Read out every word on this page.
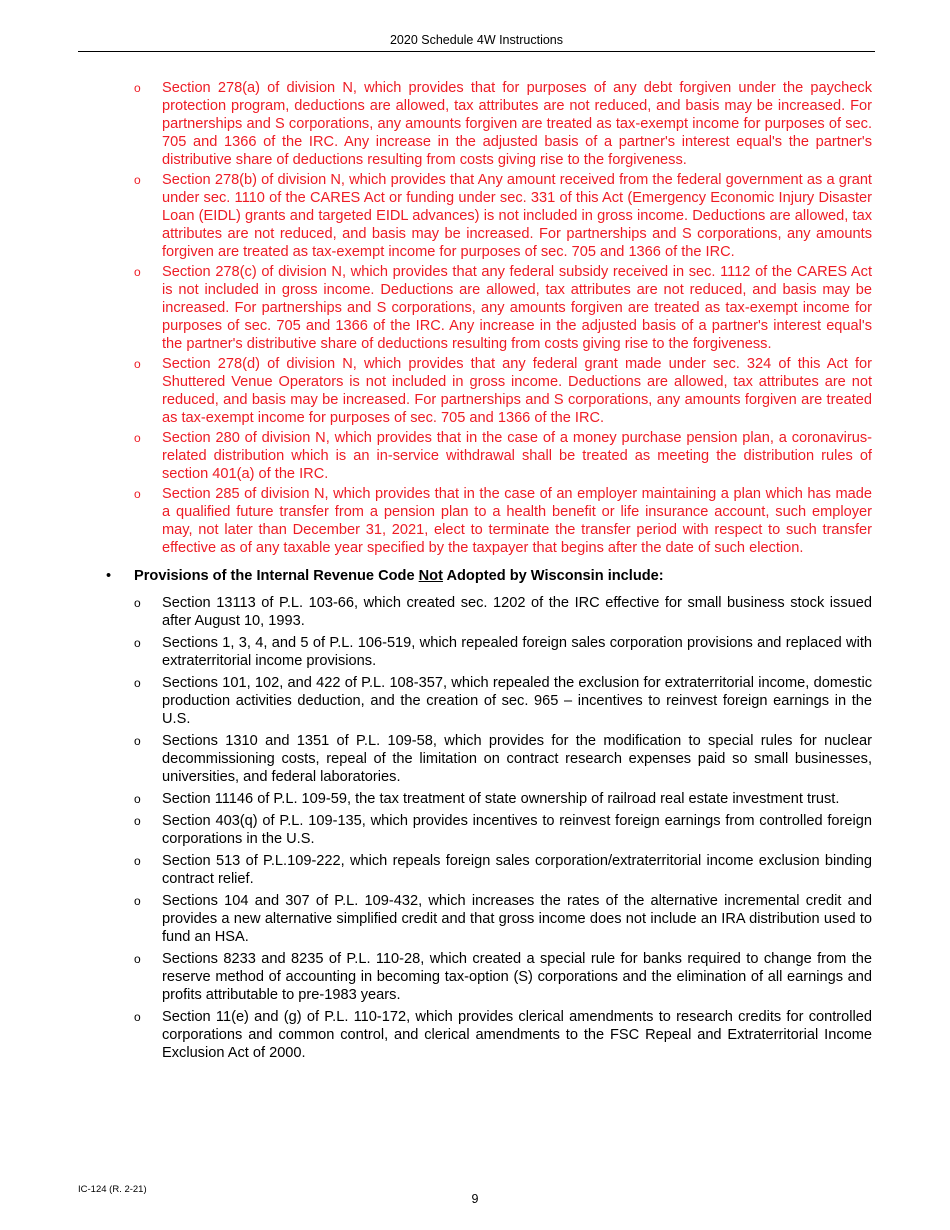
2020 Schedule 4W Instructions
o Section 278(a) of division N, which provides that for purposes of any debt forgiven under the paycheck protection program, deductions are allowed, tax attributes are not reduced, and basis may be increased. For partnerships and S corporations, any amounts forgiven are treated as tax-exempt income for purposes of sec. 705 and 1366 of the IRC. Any increase in the adjusted basis of a partner's interest equal's the partner's distributive share of deductions resulting from costs giving rise to the forgiveness.
o Section 278(b) of division N, which provides that Any amount received from the federal government as a grant under sec. 1110 of the CARES Act or funding under sec. 331 of this Act (Emergency Economic Injury Disaster Loan (EIDL) grants and targeted EIDL advances) is not included in gross income. Deductions are allowed, tax attributes are not reduced, and basis may be increased. For partnerships and S corporations, any amounts forgiven are treated as tax-exempt income for purposes of sec. 705 and 1366 of the IRC.
o Section 278(c) of division N, which provides that any federal subsidy received in sec. 1112 of the CARES Act is not included in gross income. Deductions are allowed, tax attributes are not reduced, and basis may be increased. For partnerships and S corporations, any amounts forgiven are treated as tax-exempt income for purposes of sec. 705 and 1366 of the IRC. Any increase in the adjusted basis of a partner's interest equal's the partner's distributive share of deductions resulting from costs giving rise to the forgiveness.
o Section 278(d) of division N, which provides that any federal grant made under sec. 324 of this Act for Shuttered Venue Operators is not included in gross income. Deductions are allowed, tax attributes are not reduced, and basis may be increased. For partnerships and S corporations, any amounts forgiven are treated as tax-exempt income for purposes of sec. 705 and 1366 of the IRC.
o Section 280 of division N, which provides that in the case of a money purchase pension plan, a coronavirus-related distribution which is an in-service withdrawal shall be treated as meeting the distribution rules of section 401(a) of the IRC.
o Section 285 of division N, which provides that in the case of an employer maintaining a plan which has made a qualified future transfer from a pension plan to a health benefit or life insurance account, such employer may, not later than December 31, 2021, elect to terminate the transfer period with respect to such transfer effective as of any taxable year specified by the taxpayer that begins after the date of such election.
• Provisions of the Internal Revenue Code Not Adopted by Wisconsin include:
o Section 13113 of P.L. 103-66, which created sec. 1202 of the IRC effective for small business stock issued after August 10, 1993.
o Sections 1, 3, 4, and 5 of P.L. 106-519, which repealed foreign sales corporation provisions and replaced with extraterritorial income provisions.
o Sections 101, 102, and 422 of P.L. 108-357, which repealed the exclusion for extraterritorial income, domestic production activities deduction, and the creation of sec. 965 – incentives to reinvest foreign earnings in the U.S.
o Sections 1310 and 1351 of P.L. 109-58, which provides for the modification to special rules for nuclear decommissioning costs, repeal of the limitation on contract research expenses paid so small businesses, universities, and federal laboratories.
o Section 11146 of P.L. 109-59, the tax treatment of state ownership of railroad real estate investment trust.
o Section 403(q) of P.L. 109-135, which provides incentives to reinvest foreign earnings from controlled foreign corporations in the U.S.
o Section 513 of P.L.109-222, which repeals foreign sales corporation/extraterritorial income exclusion binding contract relief.
o Sections 104 and 307 of P.L. 109-432, which increases the rates of the alternative incremental credit and provides a new alternative simplified credit and that gross income does not include an IRA distribution used to fund an HSA.
o Sections 8233 and 8235 of P.L. 110-28, which created a special rule for banks required to change from the reserve method of accounting in becoming tax-option (S) corporations and the elimination of all earnings and profits attributable to pre-1983 years.
o Section 11(e) and (g) of P.L. 110-172, which provides clerical amendments to research credits for controlled corporations and common control, and clerical amendments to the FSC Repeal and Extraterritorial Income Exclusion Act of 2000.
IC-124 (R. 2-21)
9
